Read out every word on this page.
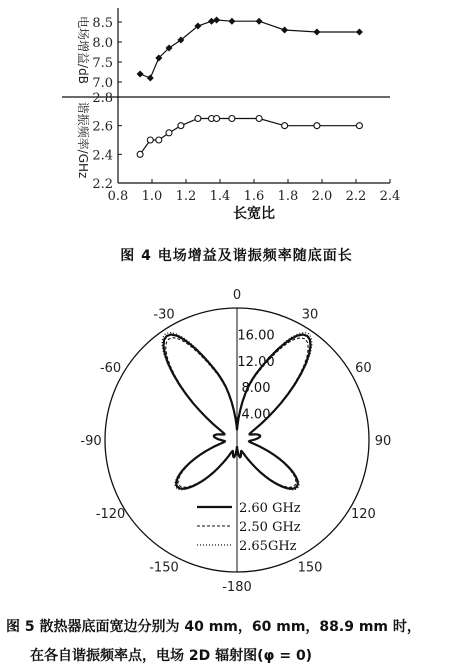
7.0
7.5
8.0
8.5
2.2
2.4
2.6
2.8
0.8 1.0 1.2 1.4 1.6 1.8 2.0 2.2 2.4
电场增益/dB
谐振频率/GHz
长宽比
图 4 电场增益及谐振频率随底面长
0
30
60
90
120
150
-180
-150
-120
-90
-60
-30
4.00
8.00
12.00
16.00
2.60 GHz
2.50 GHz
2.65GHz
图 5 散热器底面宽边分别为 40 mm，60 mm，88.9 mm 时，
在各自谐振频率点，电场 2D 辐射图(φ = 0)
